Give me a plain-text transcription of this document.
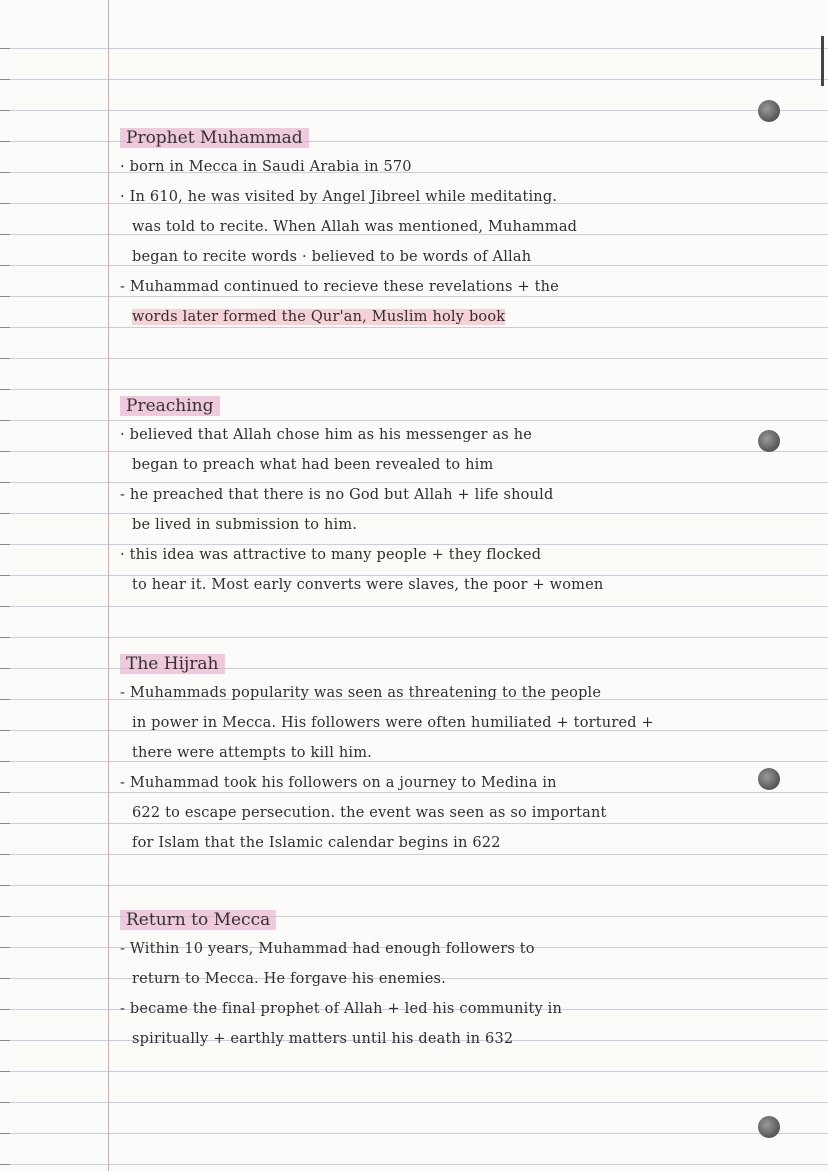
Prophet Muhammad
· born in Mecca in Saudi Arabia in 570
· In 610, he was visited by Angel Jibreel while meditating.
was told to recite. When Allah was mentioned, Muhammad
began to recite words · believed to be words of Allah
- Muhammad continued to recieve these revelations + the
words later formed the Qur'an, Muslim holy book
Preaching
· believed that Allah chose him as his messenger as he
began to preach what had been revealed to him
- he preached that there is no God but Allah + life should
be lived in submission to him.
· this idea was attractive to many people + they flocked
to hear it. Most early converts were slaves, the poor + women
The Hijrah
- Muhammads popularity was seen as threatening to the people
in power in Mecca. His followers were often humiliated + tortured +
there were attempts to kill him.
- Muhammad took his followers on a journey to Medina in
622 to escape persecution. the event was seen as so important
for Islam that the Islamic calendar begins in 622
Return to Mecca
- Within 10 years, Muhammad had enough followers to
return to Mecca. He forgave his enemies.
- became the final prophet of Allah + led his community in
spiritually + earthly matters until his death in 632
